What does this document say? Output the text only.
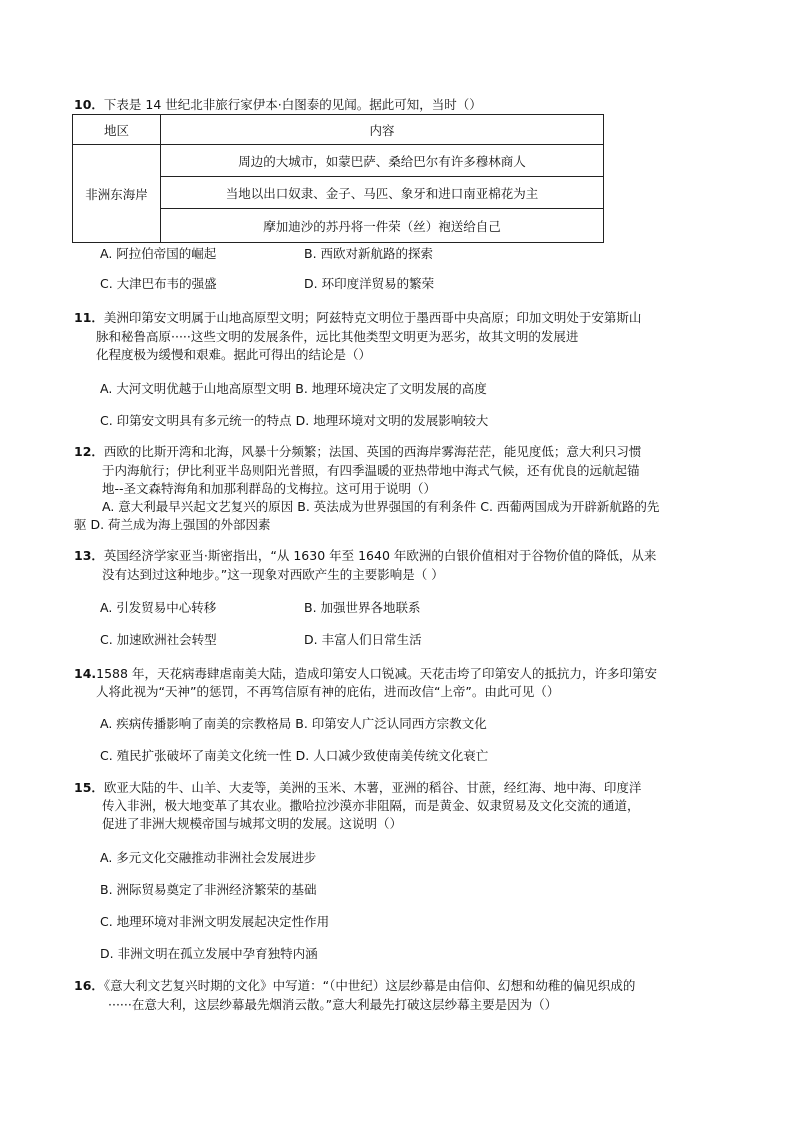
10．下表是 14 世纪北非旅行家伊本·白图泰的见闻。据此可知，当时（）
地区	内容
非洲东海岸	周边的大城市，如蒙巴萨、桑给巴尔有许多穆林商人
	当地以出口奴隶、金子、马匹、象牙和进口南亚棉花为主
	摩加迪沙的苏丹将一件荣（丝）袍送给自己
A. 阿拉伯帝国的崛起	B. 西欧对新航路的探索
C. 大津巴布韦的强盛	D. 环印度洋贸易的繁荣
11．美洲印第安文明属于山地高原型文明；阿兹特克文明位于墨西哥中央高原；印加文明处于安第斯山
脉和秘鲁高原·····这些文明的发展条件，远比其他类型文明更为恶劣，故其文明的发展进
化程度极为缓慢和艰难。据此可得出的结论是（）
A. 大河文明优越于山地高原型文明 B. 地理环境决定了文明发展的高度
C. 印第安文明具有多元统一的特点 D. 地理环境对文明的发展影响较大
12．西欧的比斯开湾和北海，风暴十分频繁；法国、英国的西海岸雾海茫茫，能见度低；意大利只习惯
于内海航行；伊比利亚半岛则阳光普照，有四季温暖的亚热带地中海式气候，还有优良的远航起锚
地--圣文森特海角和加那利群岛的戈梅拉。这可用于说明（）
A. 意大利最早兴起文艺复兴的原因 B. 英法成为世界强国的有利条件 C. 西葡两国成为开辟新航路的先
驱 D. 荷兰成为海上强国的外部因素
13．英国经济学家亚当·斯密指出，“从 1630 年至 1640 年欧洲的白银价值相对于谷物价值的降低，从来
没有达到过这种地步。”这一现象对西欧产生的主要影响是（ ）
A. 引发贸易中心转移	B. 加强世界各地联系
C. 加速欧洲社会转型	D. 丰富人们日常生活
14.1588 年，天花病毒肆虐南美大陆，造成印第安人口锐减。天花击垮了印第安人的抵抗力，许多印第安
人将此视为“天神”的惩罚，不再笃信原有神的庇佑，进而改信“上帝”。由此可见（）
A. 疾病传播影响了南美的宗教格局 B. 印第安人广泛认同西方宗教文化
C. 殖民扩张破坏了南美文化统一性 D. 人口减少致使南美传统文化衰亡
15．欧亚大陆的牛、山羊、大麦等，美洲的玉米、木薯，亚洲的稻谷、甘蔗，经红海、地中海、印度洋
传入非洲，极大地变革了其农业。撒哈拉沙漠亦非阻隔，而是黄金、奴隶贸易及文化交流的通道，
促进了非洲大规模帝国与城邦文明的发展。这说明（）
A. 多元文化交融推动非洲社会发展进步
B. 洲际贸易奠定了非洲经济繁荣的基础
C. 地理环境对非洲文明发展起决定性作用
D. 非洲文明在孤立发展中孕育独特内涵
16．《意大利文艺复兴时期的文化》中写道：“（中世纪）这层纱幕是由信仰、幻想和幼稚的偏见织成的
······在意大利，这层纱幕最先烟消云散。”意大利最先打破这层纱幕主要是因为（）
